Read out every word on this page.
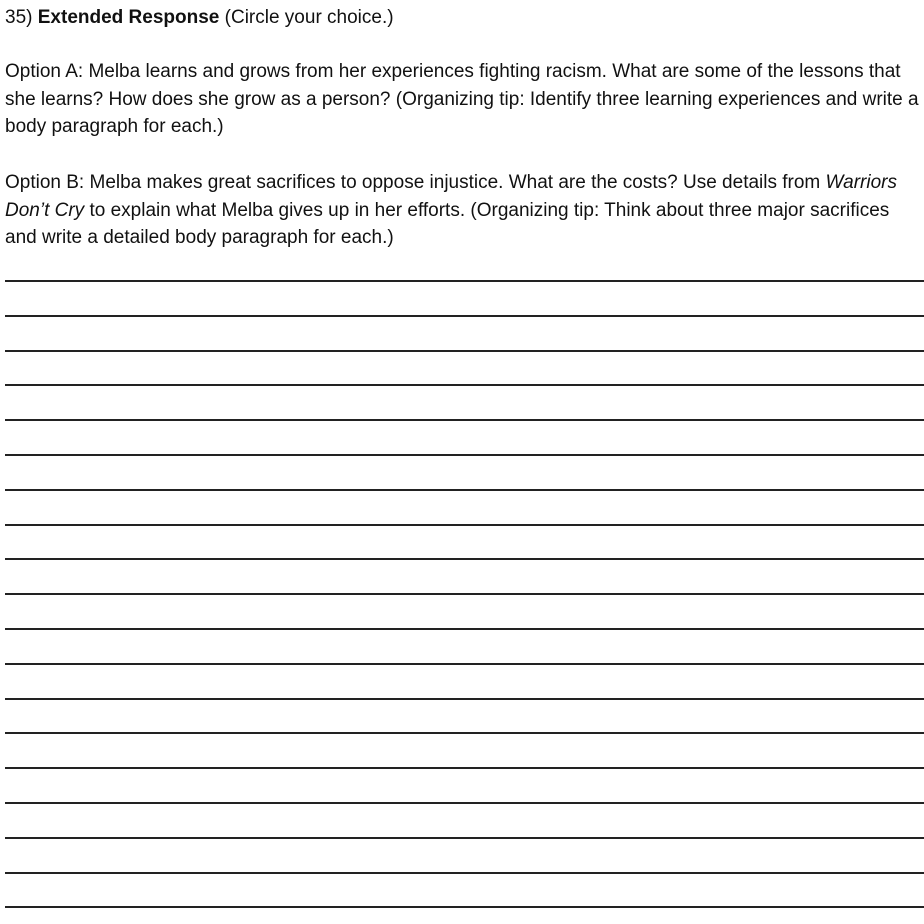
35) Extended Response (Circle your choice.)
Option A: Melba learns and grows from her experiences fighting racism. What are some of the lessons that she learns? How does she grow as a person? (Organizing tip: Identify three learning experiences and write a body paragraph for each.)
Option B: Melba makes great sacrifices to oppose injustice. What are the costs? Use details from Warriors Don’t Cry to explain what Melba gives up in her efforts. (Organizing tip: Think about three major sacrifices and write a detailed body paragraph for each.)
